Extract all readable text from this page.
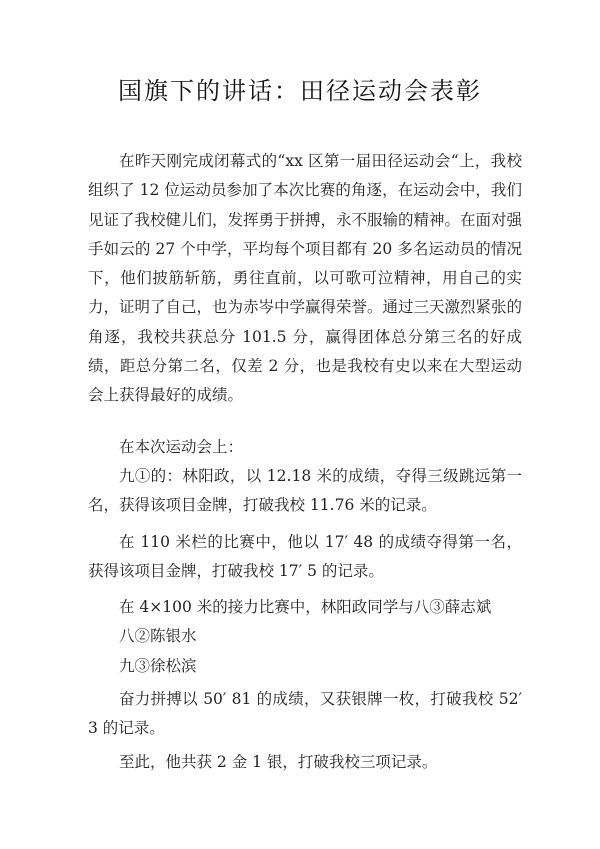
国旗下的讲话：田径运动会表彰

在昨天刚完成闭幕式的“xx 区第一届田径运动会“上，我校组织了 12 位运动员参加了本次比赛的角逐，在运动会中，我们见证了我校健儿们，发挥勇于拼搏，永不服输的精神。在面对强手如云的 27 个中学，平均每个项目都有 20 多名运动员的情况下，他们披筋斩筋，勇往直前，以可歌可泣精神，用自己的实力，证明了自己，也为赤岑中学赢得荣誉。通过三天激烈紧张的角逐，我校共获总分 101.5 分，赢得团体总分第三名的好成绩，距总分第二名，仅差 2 分，也是我校有史以来在大型运动会上获得最好的成绩。

在本次运动会上：

九①的：林阳政，以 12.18 米的成绩，夺得三级跳远第一名，获得该项目金牌，打破我校 11.76 米的记录。

在 110 米栏的比赛中，他以 17′ 48 的成绩夺得第一名，获得该项目金牌，打破我校 17′ 5 的记录。

在 4×100 米的接力比赛中，林阳政同学与八③薛志斌

八②陈银水

九③徐松滨

奋力拼搏以 50′ 81 的成绩，又获银牌一枚，打破我校 52′ 3 的记录。

至此，他共获 2 金 1 银，打破我校三项记录。
